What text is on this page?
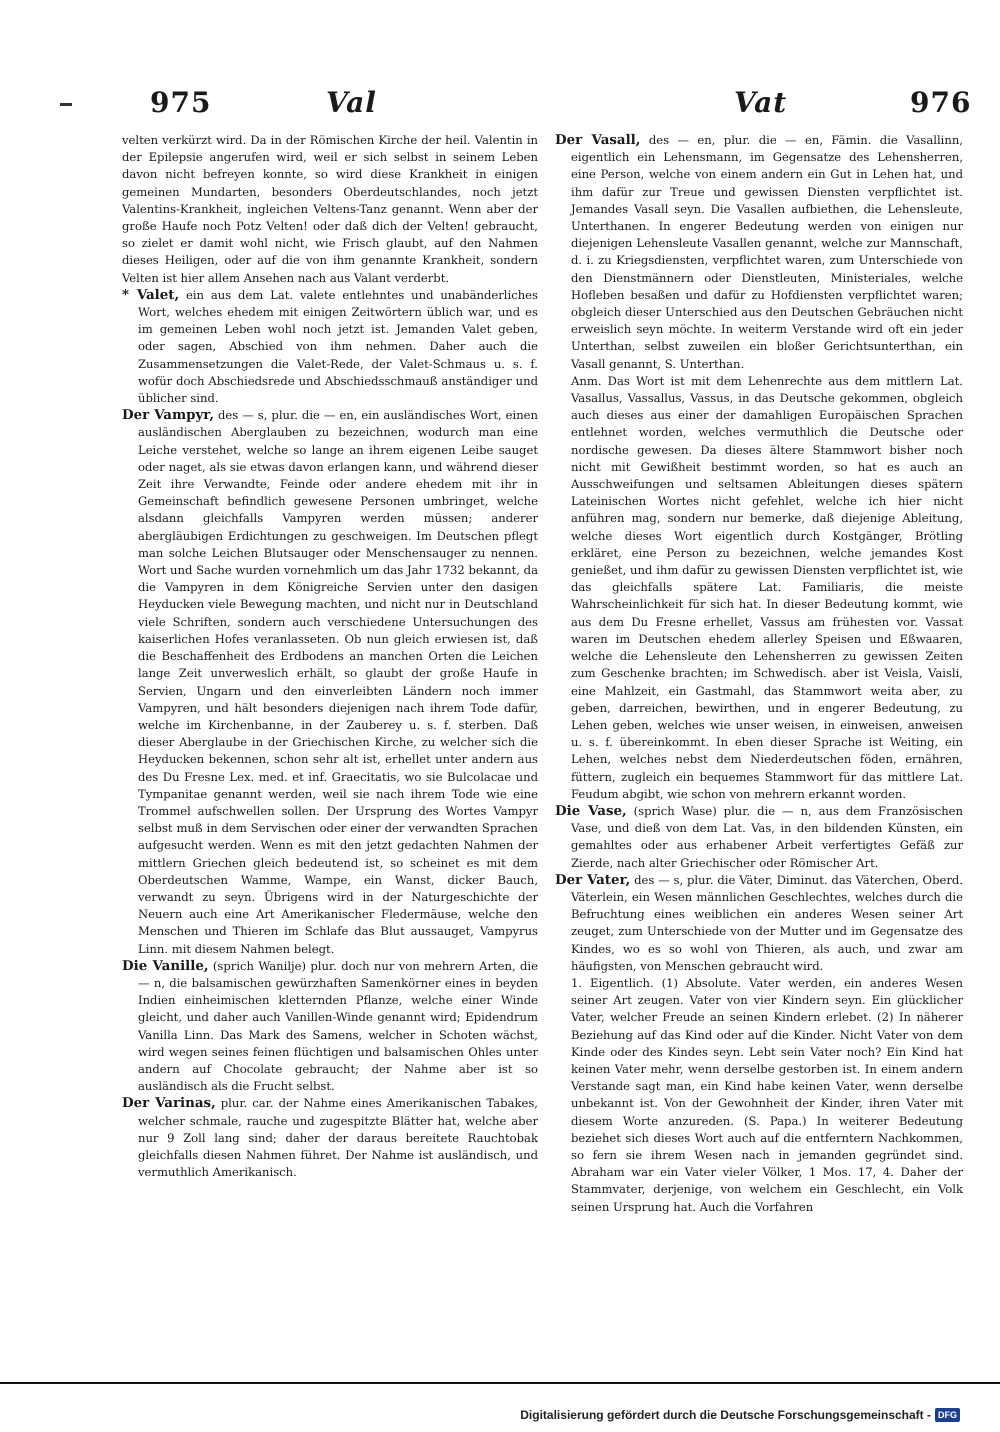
975	Val	Vat	976

velten verkürzt wird. Da in der Römischen Kirche der heil. Valentin in der Epilepsie angerufen wird, weil er sich selbst in seinem Leben davon nicht befreyen konnte, so wird diese Krankheit in einigen gemeinen Mundarten, besonders Oberdeutschlandes, noch jetzt Valentins-Krankheit, ingleichen Veltens-Tanz genannt. Wenn aber der große Haufe noch Potz Velten! oder daß dich der Velten! gebraucht, so zielet er damit wohl nicht, wie Frisch glaubt, auf den Nahmen dieses Heiligen, oder auf die von ihm genannte Krankheit, sondern Velten ist hier allem Ansehen nach aus Valant verderbt.

* Valet, ein aus dem Lat. valete entlehntes und unabänderliches Wort, welches ehedem mit einigen Zeitwörtern üblich war, und es im gemeinen Leben wohl noch jetzt ist. Jemanden Valet geben, oder sagen, Abschied von ihm nehmen. Daher auch die Zusammensetzungen die Valet-Rede, der Valet-Schmaus u. s. f. wofür doch Abschiedsrede und Abschiedsschmauß anständiger und üblicher sind.

Der Vampyr, des — s, plur. die — en, ein ausländisches Wort, einen ausländischen Aberglauben zu bezeichnen, wodurch man eine Leiche verstehet, welche so lange an ihrem eigenen Leibe sauget oder naget, als sie etwas davon erlangen kann, und während dieser Zeit ihre Verwandte, Feinde oder andere ehedem mit ihr in Gemeinschaft befindlich gewesene Personen umbringet, welche alsdann gleichfalls Vampyren werden müssen; anderer abergläubigen Erdichtungen zu geschweigen. Im Deutschen pflegt man solche Leichen Blutsauger oder Menschensauger zu nennen. Wort und Sache wurden vornehmlich um das Jahr 1732 bekannt, da die Vampyren in dem Königreiche Servien unter den dasigen Heyducken viele Bewegung machten, und nicht nur in Deutschland viele Schriften, sondern auch verschiedene Untersuchungen des kaiserlichen Hofes veranlasseten. Ob nun gleich erwiesen ist, daß die Beschaffenheit des Erdbodens an manchen Orten die Leichen lange Zeit unverweslich erhält, so glaubt der große Haufe in Servien, Ungarn und den einverleibten Ländern noch immer Vampyren, und hält besonders diejenigen nach ihrem Tode dafür, welche im Kirchenbanne, in der Zauberey u. s. f. sterben. Daß dieser Aberglaube in der Griechischen Kirche, zu welcher sich die Heyducken bekennen, schon sehr alt ist, erhellet unter andern aus des Du Fresne Lex. med. et inf. Graecitatis, wo sie Bulcolacae und Tympanitae genannt werden, weil sie nach ihrem Tode wie eine Trommel aufschwellen sollen. Der Ursprung des Wortes Vampyr selbst muß in dem Servischen oder einer der verwandten Sprachen aufgesucht werden. Wenn es mit den jetzt gedachten Nahmen der mittlern Griechen gleich bedeutend ist, so scheinet es mit dem Oberdeutschen Wamme, Wampe, ein Wanst, dicker Bauch, verwandt zu seyn. Übrigens wird in der Naturgeschichte der Neuern auch eine Art Amerikanischer Fledermäuse, welche den Menschen und Thieren im Schlafe das Blut aussauget, Vampyrus Linn. mit diesem Nahmen belegt.

Die Vanille, (sprich Wanilje) plur. doch nur von mehrern Arten, die — n, die balsamischen gewürzhaften Samenkörner eines in beyden Indien einheimischen kletternden Pflanze, welche einer Winde gleicht, und daher auch Vanillen-Winde genannt wird; Epidendrum Vanilla Linn. Das Mark des Samens, welcher in Schoten wächst, wird wegen seines feinen flüchtigen und balsamischen Ohles unter andern auf Chocolate gebraucht; der Nahme aber ist so ausländisch als die Frucht selbst.

Der Varinas, plur. car. der Nahme eines Amerikanischen Tabakes, welcher schmale, rauche und zugespitzte Blätter hat, welche aber nur 9 Zoll lang sind; daher der daraus bereitete Rauchtobak gleichfalls diesen Nahmen führet. Der Nahme ist ausländisch, und vermuthlich Amerikanisch.

Der Vasall, des — en, plur. die — en, Fämin. die Vasallinn, eigentlich ein Lehensmann, im Gegensatze des Lehensherren, eine Person, welche von einem andern ein Gut in Lehen hat, und ihm dafür zur Treue und gewissen Diensten verpflichtet ist. Jemandes Vasall seyn. Die Vasallen aufbiethen, die Lehensleute, Unterthanen. In engerer Bedeutung werden von einigen nur diejenigen Lehensleute Vasallen genannt, welche zur Mannschaft, d. i. zu Kriegsdiensten, verpflichtet waren, zum Unterschiede von den Dienstmännern oder Dienstleuten, Ministeriales, welche Hofleben besaßen und dafür zu Hofdiensten verpflichtet waren; obgleich dieser Unterschied aus den Deutschen Gebräuchen nicht erweislich seyn möchte. In weiterm Verstande wird oft ein jeder Unterthan, selbst zuweilen ein bloßer Gerichtsunterthan, ein Vasall genannt, S. Unterthan.

Anm. Das Wort ist mit dem Lehenrechte aus dem mittlern Lat. Vasallus, Vassallus, Vassus, in das Deutsche gekommen, obgleich auch dieses aus einer der damahligen Europäischen Sprachen entlehnet worden, welches vermuthlich die Deutsche oder nordische gewesen. Da dieses ältere Stammwort bisher noch nicht mit Gewißheit bestimmt worden, so hat es auch an Ausschweifungen und seltsamen Ableitungen dieses spätern Lateinischen Wortes nicht gefehlet, welche ich hier nicht anführen mag, sondern nur bemerke, daß diejenige Ableitung, welche dieses Wort eigentlich durch Kostgänger, Brötling erkläret, eine Person zu bezeichnen, welche jemandes Kost genießet, und ihm dafür zu gewissen Diensten verpflichtet ist, wie das gleichfalls spätere Lat. Familiaris, die meiste Wahrscheinlichkeit für sich hat. In dieser Bedeutung kommt, wie aus dem Du Fresne erhellet, Vassus am frühesten vor. Vassat waren im Deutschen ehedem allerley Speisen und Eßwaaren, welche die Lehensleute den Lehensherren zu gewissen Zeiten zum Geschenke brachten; im Schwedisch. aber ist Veisla, Vaisli, eine Mahlzeit, ein Gastmahl, das Stammwort weita aber, zu geben, darreichen, bewirthen, und in engerer Bedeutung, zu Lehen geben, welches wie unser weisen, in einweisen, anweisen u. s. f. übereinkommt. In eben dieser Sprache ist Weiting, ein Lehen, welches nebst dem Niederdeutschen föden, ernähren, füttern, zugleich ein bequemes Stammwort für das mittlere Lat. Feudum abgibt, wie schon von mehrern erkannt worden.

Die Vase, (sprich Wase) plur. die — n, aus dem Französischen Vase, und dieß von dem Lat. Vas, in den bildenden Künsten, ein gemahltes oder aus erhabener Arbeit verfertigtes Gefäß zur Zierde, nach alter Griechischer oder Römischer Art.

Der Vater, des — s, plur. die Väter, Diminut. das Väterchen, Oberd. Väterlein, ein Wesen männlichen Geschlechtes, welches durch die Befruchtung eines weiblichen ein anderes Wesen seiner Art zeuget, zum Unterschiede von der Mutter und im Gegensatze des Kindes, wo es so wohl von Thieren, als auch, und zwar am häufigsten, von Menschen gebraucht wird.

1. Eigentlich. (1) Absolute. Vater werden, ein anderes Wesen seiner Art zeugen. Vater von vier Kindern seyn. Ein glücklicher Vater, welcher Freude an seinen Kindern erlebet. (2) In näherer Beziehung auf das Kind oder auf die Kinder. Nicht Vater von dem Kinde oder des Kindes seyn. Lebt sein Vater noch? Ein Kind hat keinen Vater mehr, wenn derselbe gestorben ist. In einem andern Verstande sagt man, ein Kind habe keinen Vater, wenn derselbe unbekannt ist. Von der Gewohnheit der Kinder, ihren Vater mit diesem Worte anzureden. (S. Papa.) In weiterer Bedeutung beziehet sich dieses Wort auch auf die entferntern Nachkommen, so fern sie ihrem Wesen nach in jemanden gegründet sind. Abraham war ein Vater vieler Völker, 1 Mos. 17, 4. Daher der Stammvater, derjenige, von welchem ein Geschlecht, ein Volk seinen Ursprung hat. Auch die Vorfahren

Digitalisierung gefördert durch die Deutsche Forschungsgemeinschaft - DFG
